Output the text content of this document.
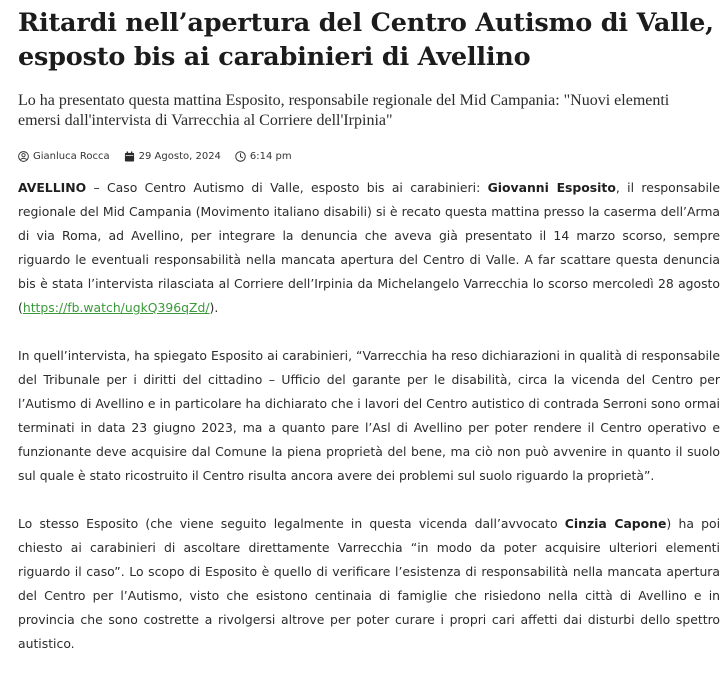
Ritardi nell’apertura del Centro Autismo di Valle, esposto bis ai carabinieri di Avellino

Lo ha presentato questa mattina Esposito, responsabile regionale del Mid Campania: "Nuovi elementi emersi dall'intervista di Varrecchia al Corriere dell'Irpinia"

Gianluca Rocca	29 Agosto, 2024	6:14 pm

AVELLINO – Caso Centro Autismo di Valle, esposto bis ai carabinieri: Giovanni Esposito, il responsabile regionale del Mid Campania (Movimento italiano disabili) si è recato questa mattina presso la caserma dell’Arma di via Roma, ad Avellino, per integrare la denuncia che aveva già presentato il 14 marzo scorso, sempre riguardo le eventuali responsabilità nella mancata apertura del Centro di Valle. A far scattare questa denuncia bis è stata l’intervista rilasciata al Corriere dell’Irpinia da Michelangelo Varrecchia lo scorso mercoledì 28 agosto (https://fb.watch/ugkQ396qZd/).

In quell’intervista, ha spiegato Esposito ai carabinieri, “Varrecchia ha reso dichiarazioni in qualità di responsabile del Tribunale per i diritti del cittadino – Ufficio del garante per le disabilità, circa la vicenda del Centro per l’Autismo di Avellino e in particolare ha dichiarato che i lavori del Centro autistico di contrada Serroni sono ormai terminati in data 23 giugno 2023, ma a quanto pare l’Asl di Avellino per poter rendere il Centro operativo e funzionante deve acquisire dal Comune la piena proprietà del bene, ma ciò non può avvenire in quanto il suolo sul quale è stato ricostruito il Centro risulta ancora avere dei problemi sul suolo riguardo la proprietà”.

Lo stesso Esposito (che viene seguito legalmente in questa vicenda dall’avvocato Cinzia Capone) ha poi chiesto ai carabinieri di ascoltare direttamente Varrecchia “in modo da poter acquisire ulteriori elementi riguardo il caso”. Lo scopo di Esposito è quello di verificare l’esistenza di responsabilità nella mancata apertura del Centro per l’Autismo, visto che esistono centinaia di famiglie che risiedono nella città di Avellino e in provincia che sono costrette a rivolgersi altrove per poter curare i propri cari affetti dai disturbi dello spettro autistico.
